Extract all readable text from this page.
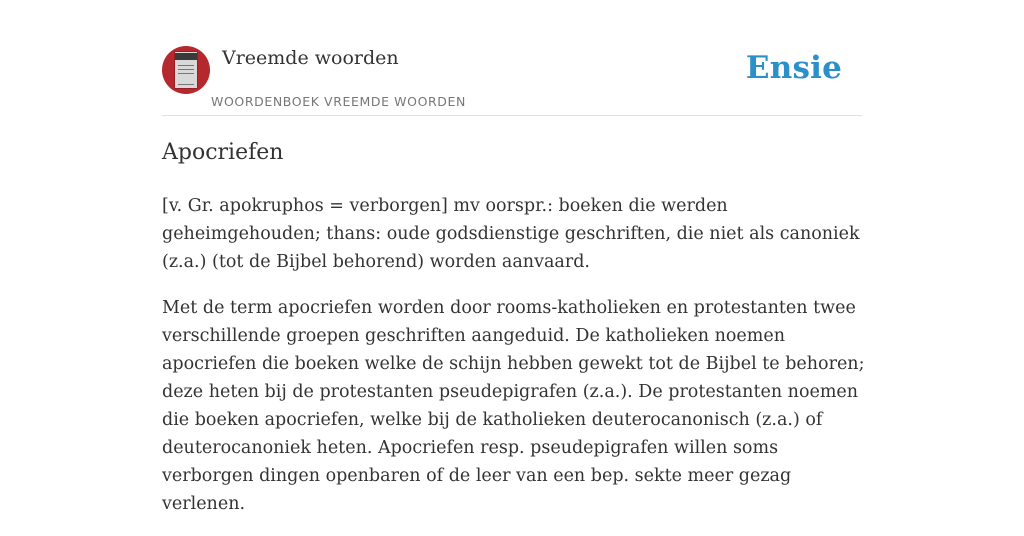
Vreemde woorden
WOORDENBOEK VREEMDE WOORDEN
Ensie
Apocriefen

[v. Gr. apokruphos = verborgen] mv oorspr.: boeken die werden geheimgehouden; thans: oude godsdienstige geschriften, die niet als canoniek (z.a.) (tot de Bijbel behorend) worden aanvaard.

Met de term apocriefen worden door rooms-katholieken en protestanten twee verschillende groepen geschriften aangeduid. De katholieken noemen apocriefen die boeken welke de schijn hebben gewekt tot de Bijbel te behoren; deze heten bij de protestanten pseudepigrafen (z.a.). De protestanten noemen die boeken apocriefen, welke bij de katholieken deuterocanonisch (z.a.) of deuterocanoniek heten. Apocriefen resp. pseudepigrafen willen soms verborgen dingen openbaren of de leer van een bep. sekte meer gezag verlenen.
